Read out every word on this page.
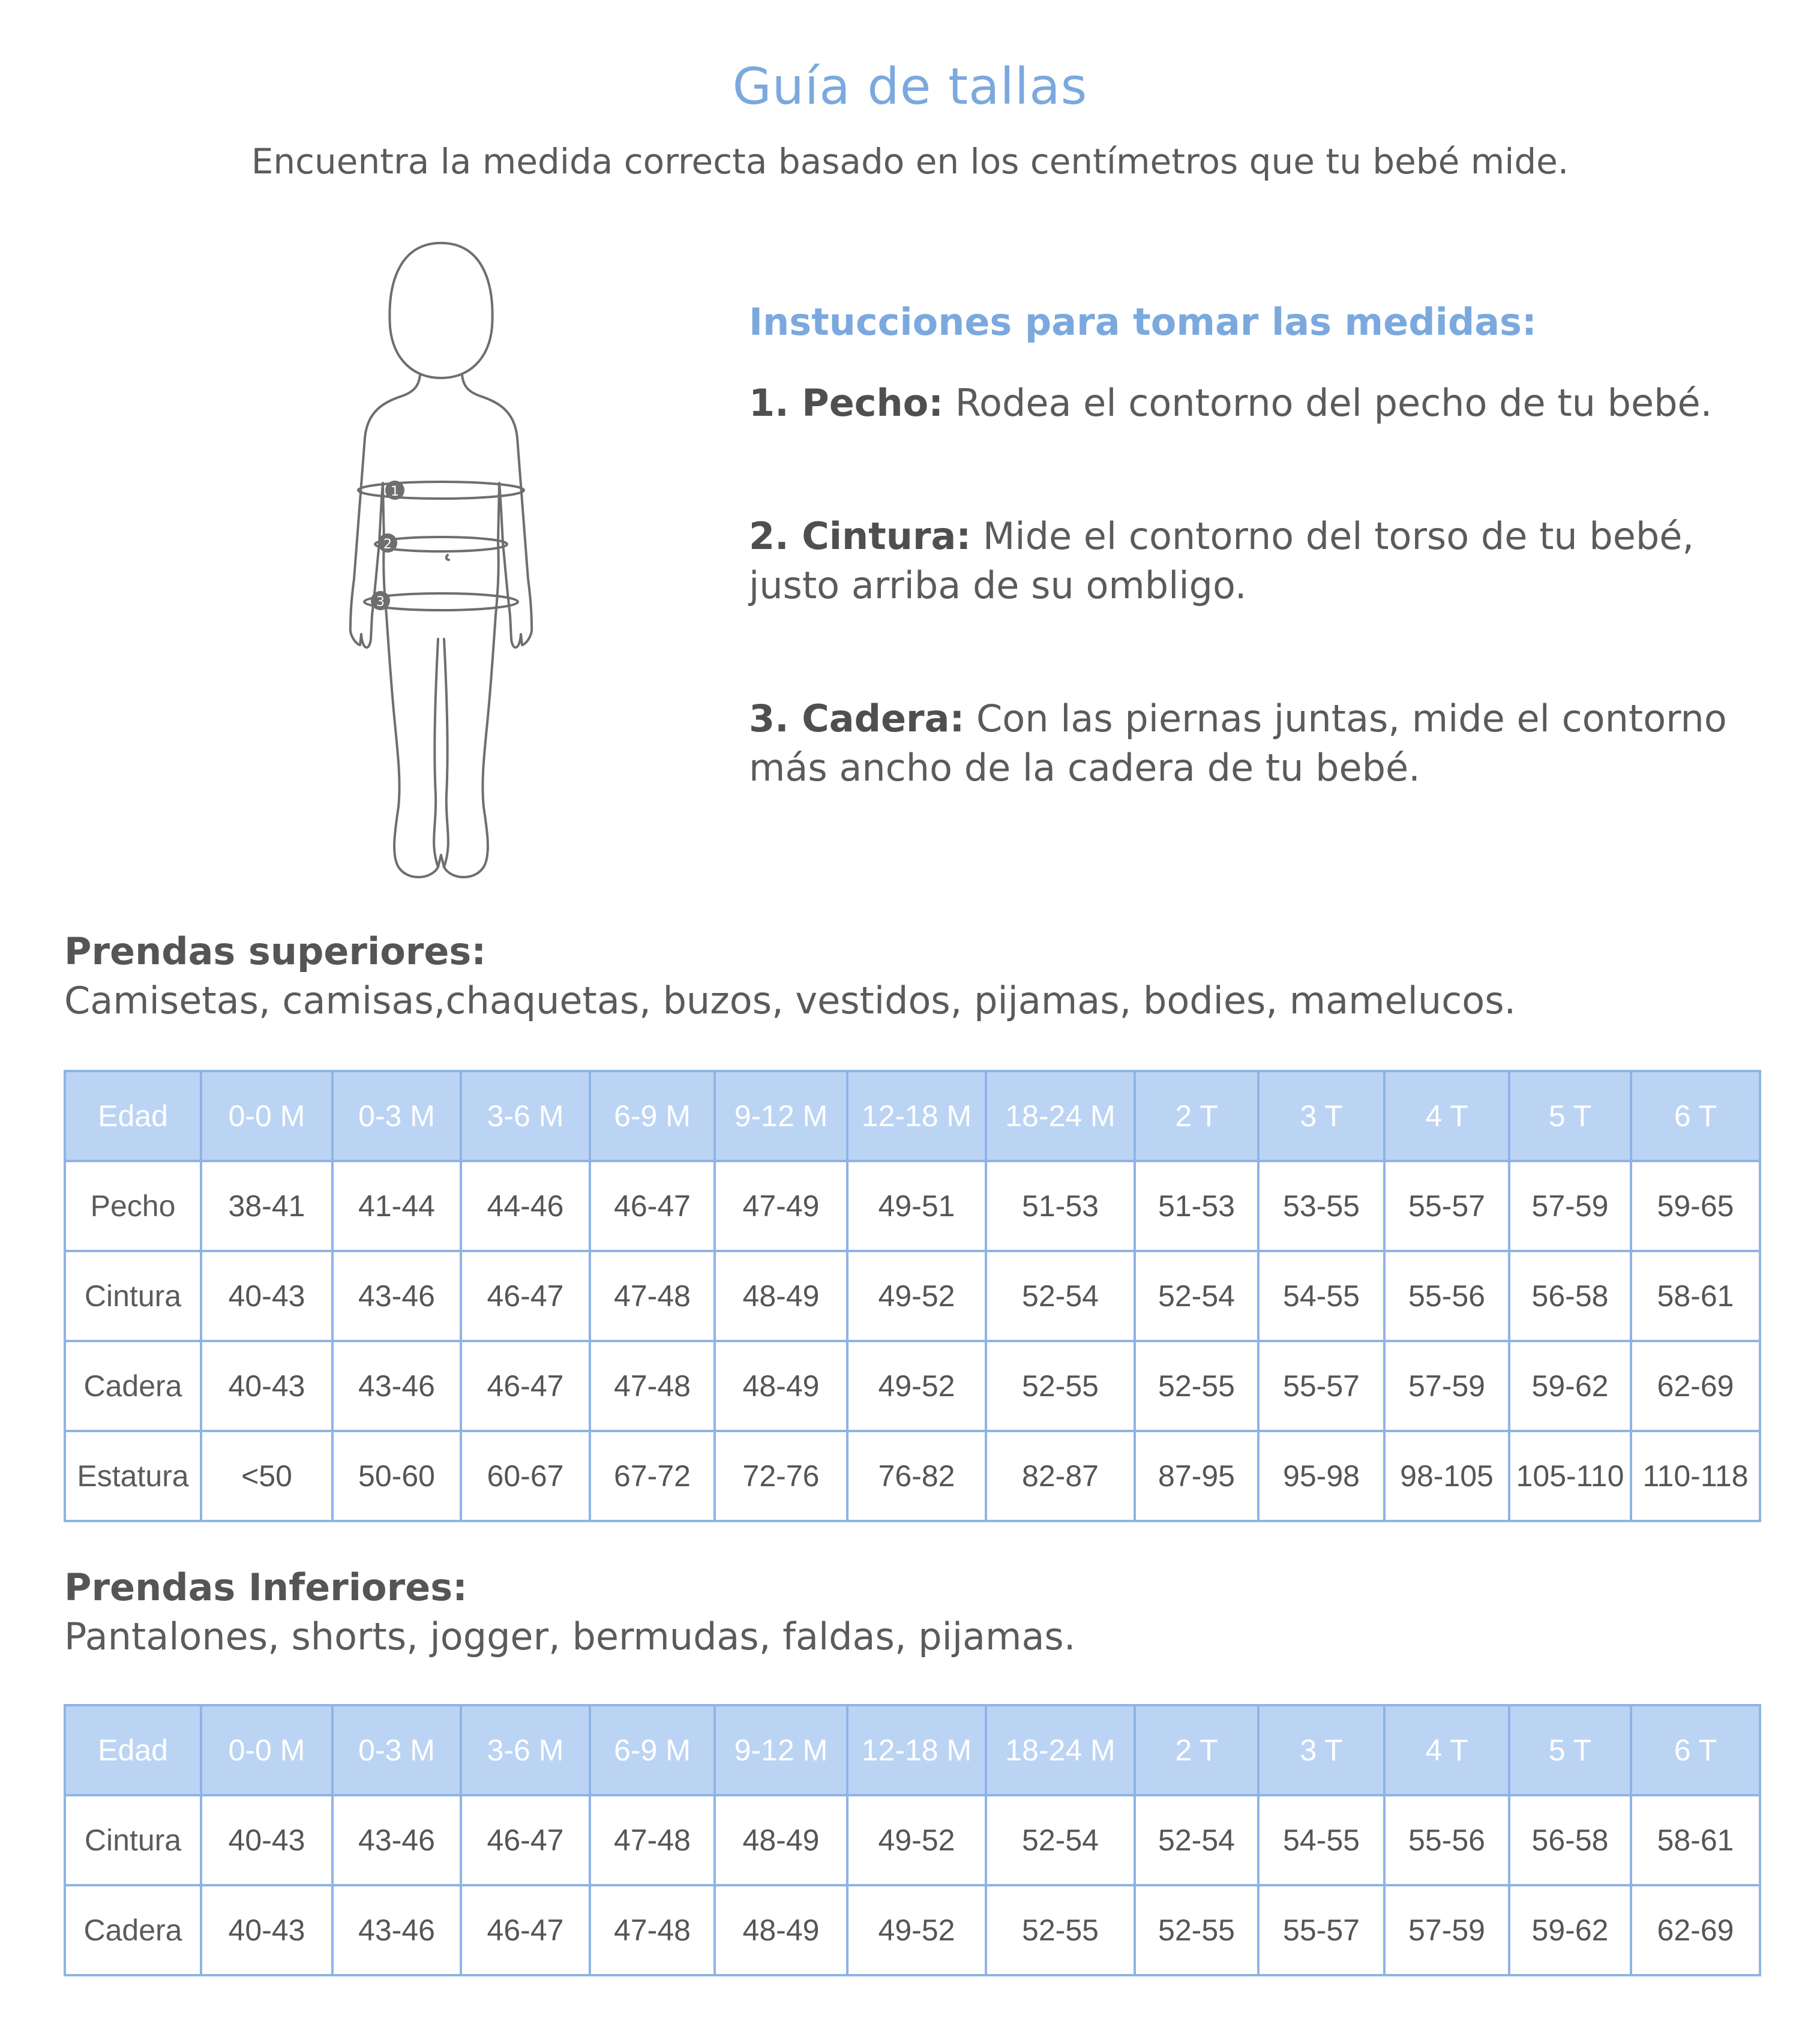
Guía de tallas

Encuentra la medida correcta basado en los centímetros que tu bebé mide.

1
2
3

Instucciones para tomar las medidas:

1. Pecho: Rodea el contorno del pecho de tu bebé.
2. Cintura: Mide el contorno del torso de tu bebé, justo arriba de su ombligo.
3. Cadera: Con las piernas juntas, mide el contorno más ancho de la cadera de tu bebé.

Prendas superiores:

Camisetas, camisas,chaquetas, buzos, vestidos, pijamas, bodies, mamelucos.

Edad	0-0 M	0-3 M	3-6 M	6-9 M	9-12 M	12-18 M	18-24 M	2 T	3 T	4 T	5 T	6 T
Pecho	38-41	41-44	44-46	46-47	47-49	49-51	51-53	51-53	53-55	55-57	57-59	59-65
Cintura	40-43	43-46	46-47	47-48	48-49	49-52	52-54	52-54	54-55	55-56	56-58	58-61
Cadera	40-43	43-46	46-47	47-48	48-49	49-52	52-55	52-55	55-57	57-59	59-62	62-69
Estatura	<50	50-60	60-67	67-72	72-76	76-82	82-87	87-95	95-98	98-105	105-110	110-118

Prendas Inferiores:

Pantalones, shorts, jogger, bermudas, faldas, pijamas.

Edad	0-0 M	0-3 M	3-6 M	6-9 M	9-12 M	12-18 M	18-24 M	2 T	3 T	4 T	5 T	6 T
Cintura	40-43	43-46	46-47	47-48	48-49	49-52	52-54	52-54	54-55	55-56	56-58	58-61
Cadera	40-43	43-46	46-47	47-48	48-49	49-52	52-55	52-55	55-57	57-59	59-62	62-69
